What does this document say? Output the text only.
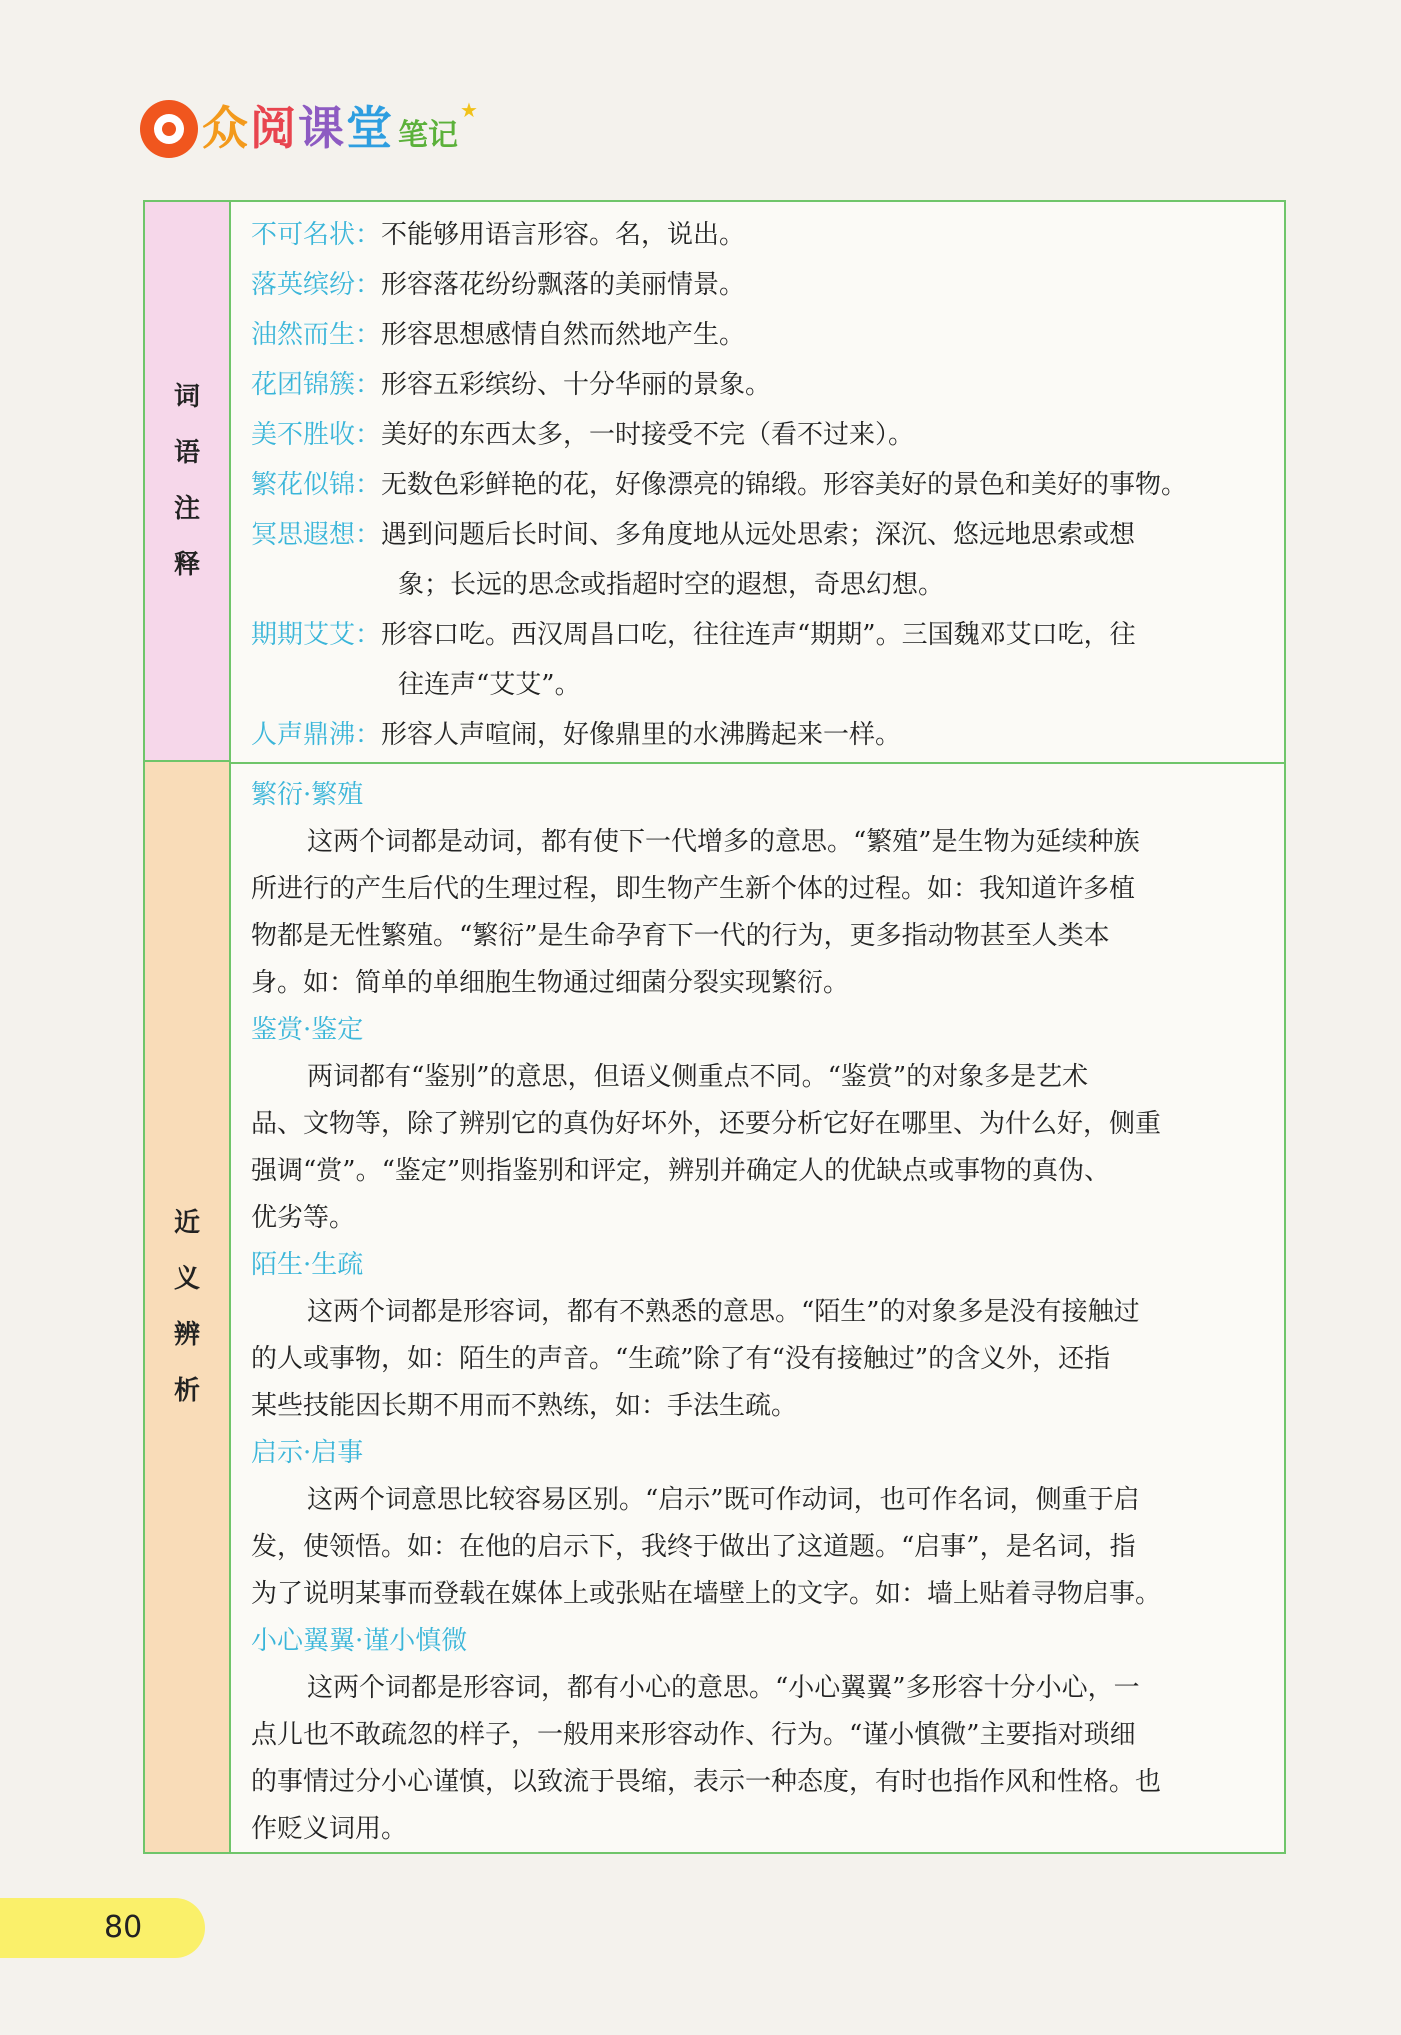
众阅课堂 笔记
★
词
语
注
释
近
义
辨
析
不可名状：不能够用语言形容。名，说出。
落英缤纷：形容落花纷纷飘落的美丽情景。
油然而生：形容思想感情自然而然地产生。
花团锦簇：形容五彩缤纷、十分华丽的景象。
美不胜收：美好的东西太多，一时接受不完（看不过来）。
繁花似锦：无数色彩鲜艳的花，好像漂亮的锦缎。形容美好的景色和美好的事物。
冥思遐想：遇到问题后长时间、多角度地从远处思索；深沉、悠远地思索或想
象；长远的思念或指超时空的遐想，奇思幻想。
期期艾艾：形容口吃。西汉周昌口吃，往往连声“期期”。三国魏邓艾口吃，往
往连声“艾艾”。
人声鼎沸：形容人声喧闹，好像鼎里的水沸腾起来一样。
繁衍·繁殖
这两个词都是动词，都有使下一代增多的意思。“繁殖”是生物为延续种族
所进行的产生后代的生理过程，即生物产生新个体的过程。如：我知道许多植
物都是无性繁殖。“繁衍”是生命孕育下一代的行为，更多指动物甚至人类本
身。如：简单的单细胞生物通过细菌分裂实现繁衍。
鉴赏·鉴定
两词都有“鉴别”的意思，但语义侧重点不同。“鉴赏”的对象多是艺术
品、文物等，除了辨别它的真伪好坏外，还要分析它好在哪里、为什么好，侧重
强调“赏”。“鉴定”则指鉴别和评定，辨别并确定人的优缺点或事物的真伪、
优劣等。
陌生·生疏
这两个词都是形容词，都有不熟悉的意思。“陌生”的对象多是没有接触过
的人或事物，如：陌生的声音。“生疏”除了有“没有接触过”的含义外，还指
某些技能因长期不用而不熟练，如：手法生疏。
启示·启事
这两个词意思比较容易区别。“启示”既可作动词，也可作名词，侧重于启
发，使领悟。如：在他的启示下，我终于做出了这道题。“启事”，是名词，指
为了说明某事而登载在媒体上或张贴在墙壁上的文字。如：墙上贴着寻物启事。
小心翼翼·谨小慎微
这两个词都是形容词，都有小心的意思。“小心翼翼”多形容十分小心，一
点儿也不敢疏忽的样子，一般用来形容动作、行为。“谨小慎微”主要指对琐细
的事情过分小心谨慎，以致流于畏缩，表示一种态度，有时也指作风和性格。也
作贬义词用。
80
